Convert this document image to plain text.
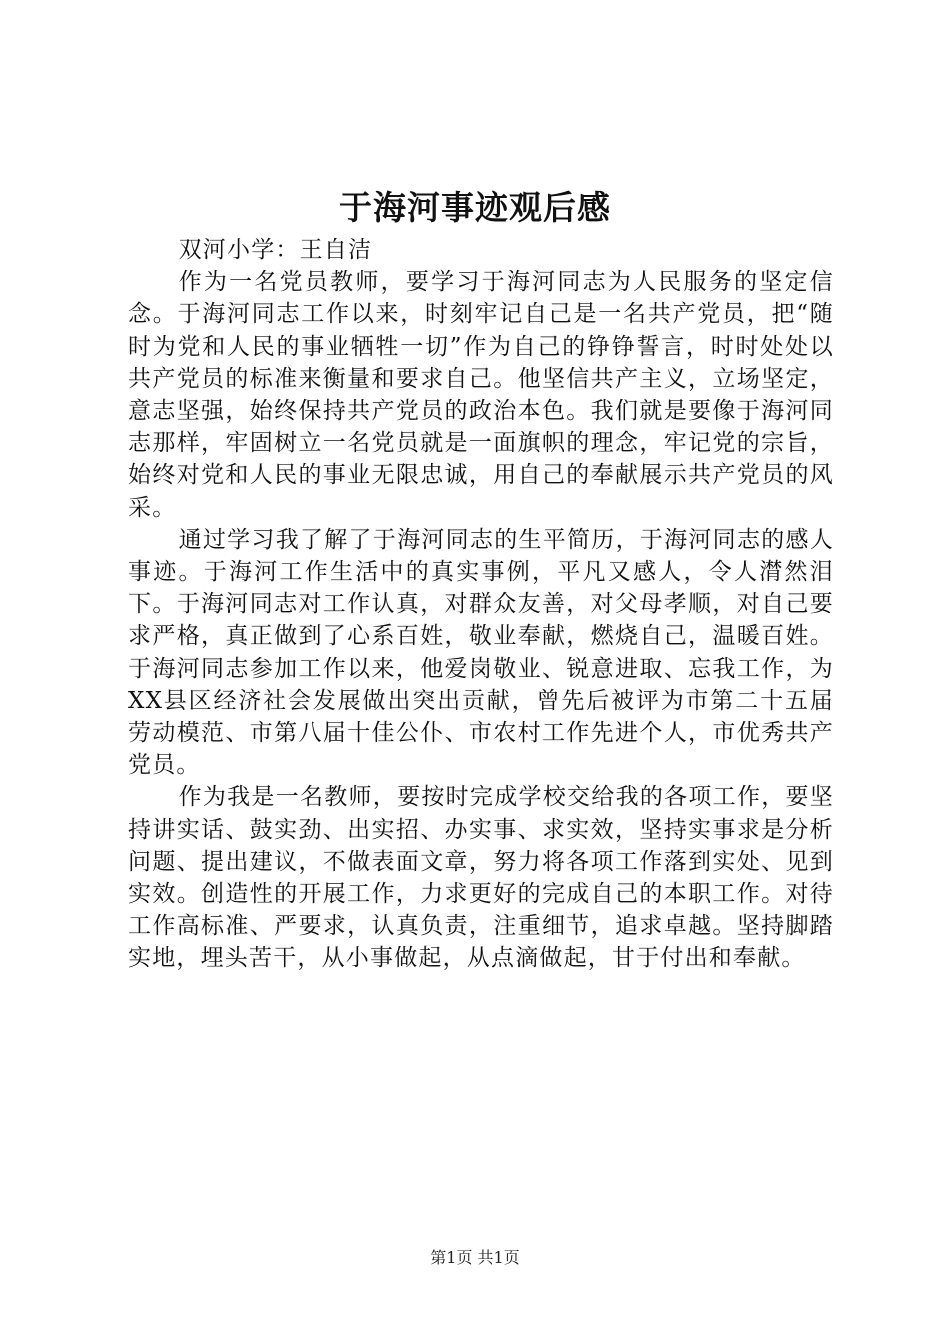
于海河事迹观后感

双河小学：王自洁

作为一名党员教师，要学习于海河同志为人民服务的坚定信念。于海河同志工作以来，时刻牢记自己是一名共产党员，把“随时为党和人民的事业牺牲一切”作为自己的铮铮誓言，时时处处以共产党员的标准来衡量和要求自己。他坚信共产主义，立场坚定，意志坚强，始终保持共产党员的政治本色。我们就是要像于海河同志那样，牢固树立一名党员就是一面旗帜的理念，牢记党的宗旨，始终对党和人民的事业无限忠诚，用自己的奉献展示共产党员的风采。

通过学习我了解了于海河同志的生平简历，于海河同志的感人事迹。于海河工作生活中的真实事例，平凡又感人，令人潸然泪下。于海河同志对工作认真，对群众友善，对父母孝顺，对自己要求严格，真正做到了心系百姓，敬业奉献，燃烧自己，温暖百姓。于海河同志参加工作以来，他爱岗敬业、锐意进取、忘我工作，为XX县区经济社会发展做出突出贡献，曾先后被评为市第二十五届劳动模范、市第八届十佳公仆、市农村工作先进个人，市优秀共产党员。

作为我是一名教师，要按时完成学校交给我的各项工作，要坚持讲实话、鼓实劲、出实招、办实事、求实效，坚持实事求是分析问题、提出建议，不做表面文章，努力将各项工作落到实处、见到实效。创造性的开展工作，力求更好的完成自己的本职工作。对待工作高标准、严要求，认真负责，注重细节，追求卓越。坚持脚踏实地，埋头苦干，从小事做起，从点滴做起，甘于付出和奉献。

第1页 共1页
